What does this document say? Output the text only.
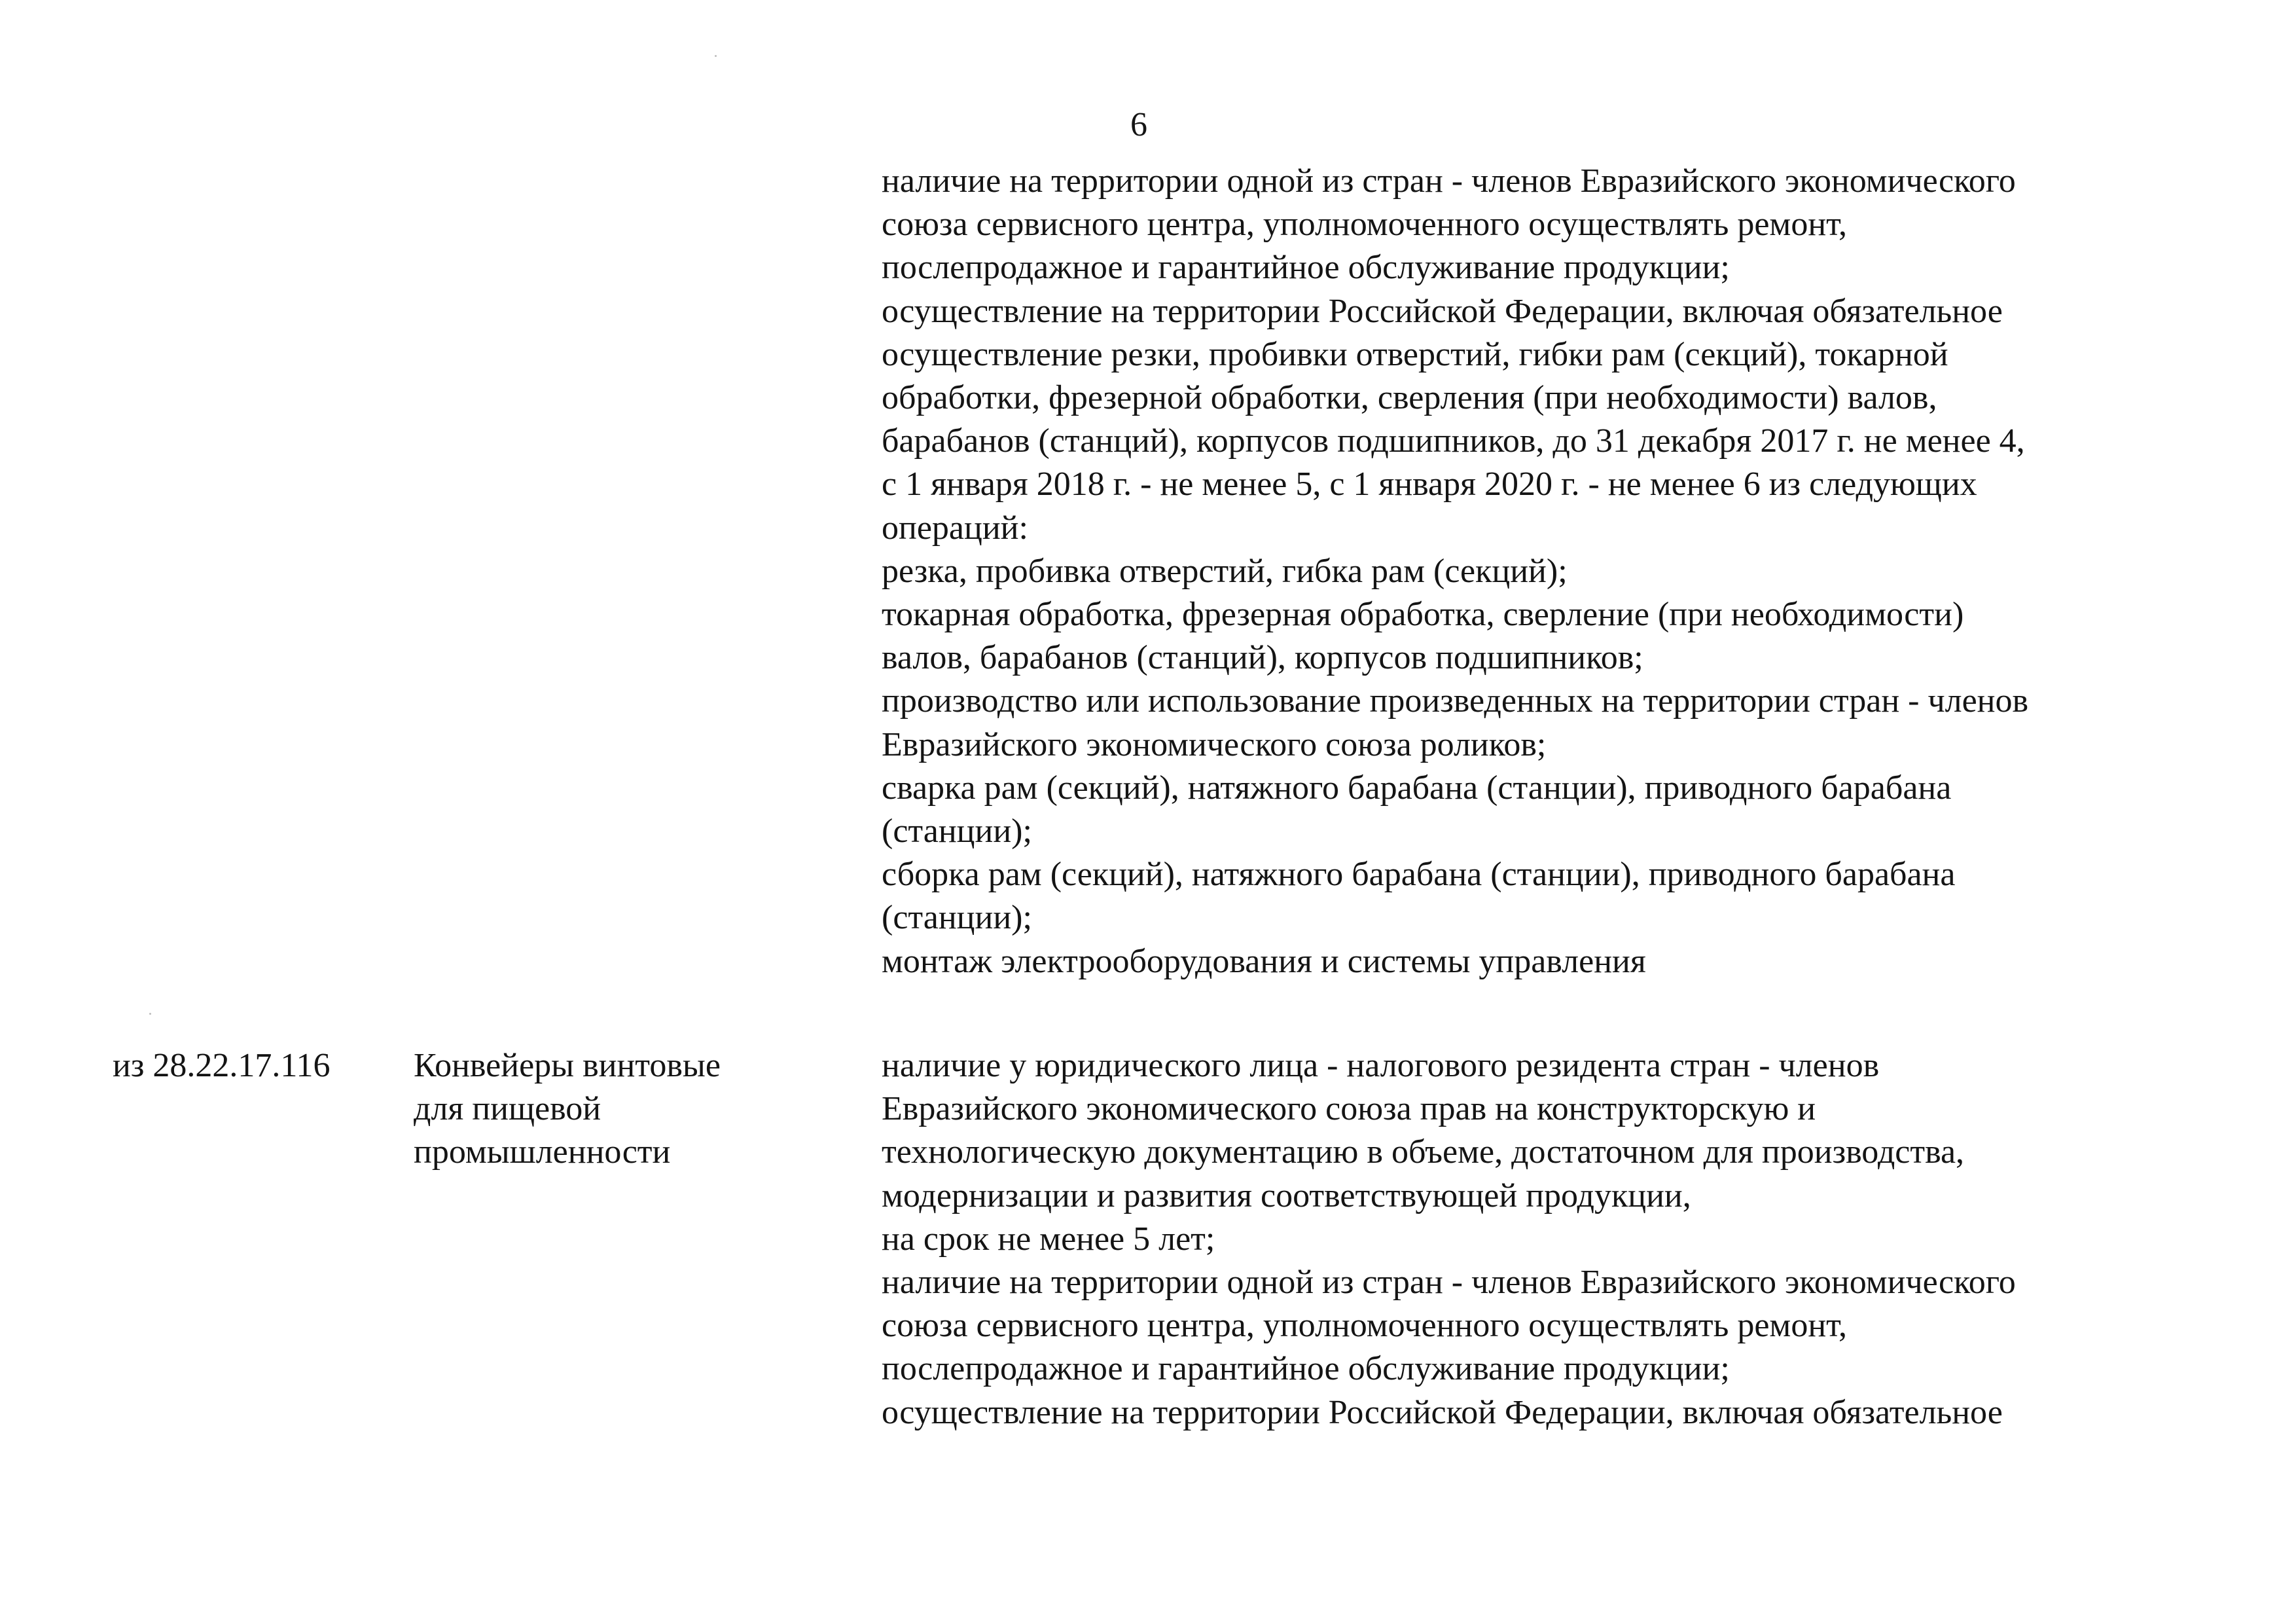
6
наличие на территории одной из стран - членов Евразийского экономического
союза сервисного центра, уполномоченного осуществлять ремонт,
послепродажное и гарантийное обслуживание продукции;
осуществление на территории Российской Федерации, включая обязательное
осуществление резки, пробивки отверстий, гибки рам (секций), токарной
обработки, фрезерной обработки, сверления (при необходимости) валов,
барабанов (станций), корпусов подшипников, до 31 декабря 2017 г. не менее 4,
с 1 января 2018 г. - не менее 5, с 1 января 2020 г. - не менее 6 из следующих
операций:
резка, пробивка отверстий, гибка рам (секций);
токарная обработка, фрезерная обработка, сверление (при необходимости)
валов, барабанов (станций), корпусов подшипников;
производство или использование произведенных на территории стран - членов
Евразийского экономического союза роликов;
сварка рам (секций), натяжного барабана (станции), приводного барабана
(станции);
сборка рам (секций), натяжного барабана (станции), приводного барабана
(станции);
монтаж электрооборудования и системы управления
из 28.22.17.116 Конвейеры винтовые
для пищевой
промышленности
наличие у юридического лица - налогового резидента стран - членов
Евразийского экономического союза прав на конструкторскую и
технологическую документацию в объеме, достаточном для производства,
модернизации и развития соответствующей продукции,
на срок не менее 5 лет;
наличие на территории одной из стран - членов Евразийского экономического
союза сервисного центра, уполномоченного осуществлять ремонт,
послепродажное и гарантийное обслуживание продукции;
осуществление на территории Российской Федерации, включая обязательное
